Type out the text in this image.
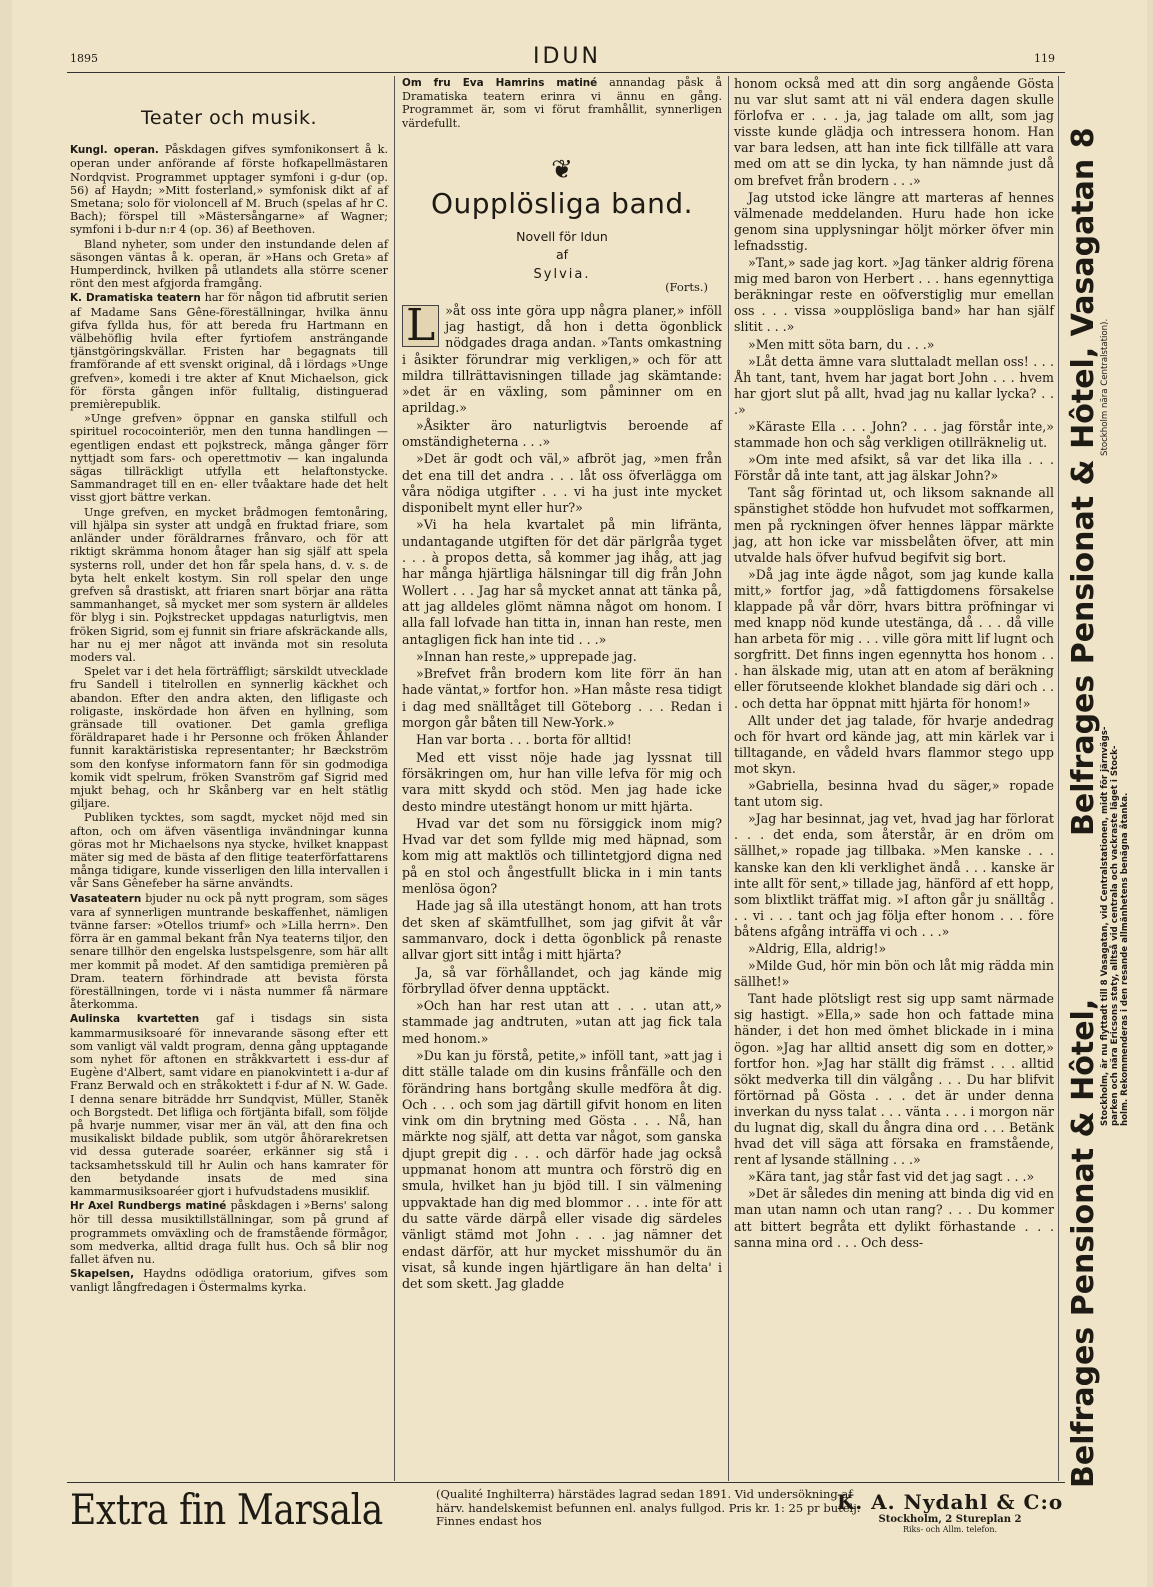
1895	IDUN	119
Teater och musik.

Kungl. operan. Påskdagen gifves symfonikonsert å k. operan under anförande af förste hofkapellmästaren Nordqvist. Programmet upptager symfoni i g-dur (op. 56) af Haydn; »Mitt fosterland,» symfonisk dikt af af Smetana; solo för violoncell af M. Bruch (spelas af hr C. Bach); förspel till »Mästersångarne» af Wagner; symfoni i b-dur n:r 4 (op. 36) af Beethoven.

Bland nyheter, som under den instundande delen af säsongen väntas å k. operan, är »Hans och Greta» af Humperdinck, hvilken på utlandets alla större scener rönt den mest afgjorda framgång.

K. Dramatiska teatern har för någon tid afbrutit serien af Madame Sans Gêne-föreställningar, hvilka ännu gifva fyllda hus, för att bereda fru Hartmann en välbehöflig hvila efter fyrtiofem ansträngande tjänstgöringskvällar. Fristen har begagnats till framförande af ett svenskt original, då i lördags »Unge grefven», komedi i tre akter af Knut Michaelson, gick för första gången inför fulltalig, distinguerad premièrepublik.

»Unge grefven» öppnar en ganska stilfull och spirituel rococointeriör, men den tunna handlingen — egentligen endast ett pojkstreck, många gånger förr nyttjadt som fars- och operettmotiv — kan ingalunda sägas tillräckligt utfylla ett helaftonstycke. Sammandraget till en en- eller tvåaktare hade det helt visst gjort bättre verkan.

Unge grefven, en mycket brådmogen femtonåring, vill hjälpa sin syster att undgå en fruktad friare, som anländer under föräldrarnes frånvaro, och för att riktigt skrämma honom åtager han sig själf att spela systerns roll, under det hon får spela hans, d. v. s. de byta helt enkelt kostym. Sin roll spelar den unge grefven så drastiskt, att friaren snart börjar ana rätta sammanhanget, så mycket mer som systern är alldeles för blyg i sin. Pojkstrecket uppdagas naturligtvis, men fröken Sigrid, som ej funnit sin friare afskräckande alls, har nu ej mer något att invända mot sin resoluta moders val.

Spelet var i det hela förträffligt; särskildt utvecklade fru Sandell i titelrollen en synnerlig käckhet och abandon. Efter den andra akten, den lifligaste och roligaste, inskördade hon äfven en hyllning, som gränsade till ovationer. Det gamla grefliga föräldraparet hade i hr Personne och fröken Åhlander funnit karaktäristiska representanter; hr Bæckström som den konfyse informatorn fann för sin godmodiga komik vidt spelrum, fröken Svanström gaf Sigrid med mjukt behag, och hr Skånberg var en helt stätlig giljare.

Publiken tycktes, som sagdt, mycket nöjd med sin afton, och om äfven väsentliga invändningar kunna göras mot hr Michaelsons nya stycke, hvilket knappast mäter sig med de bästa af den flitige teaterförfattarens många tidigare, kunde visserligen den lilla intervallen i vår Sans Gênefeber ha särne användts.

Vasateatern bjuder nu ock på nytt program, som säges vara af synnerligen muntrande beskaffenhet, nämligen tvänne farser: »Otellos triumf» och »Lilla herrn». Den förra är en gammal bekant från Nya teaterns tiljor, den senare tillhör den engelska lustspelsgenre, som här allt mer kommit på modet. Af den samtidiga premièren på Dram. teatern förhindrade att bevista första föreställningen, torde vi i nästa nummer få närmare återkomma.

Aulinska kvartetten gaf i tisdags sin sista kammarmusiksoaré för innevarande säsong efter ett som vanligt väl valdt program, denna gång upptagande som nyhet för aftonen en stråkkvartett i ess-dur af Eugène d'Albert, samt vidare en pianokvintett i a-dur af Franz Berwald och en stråkoktett i f-dur af N. W. Gade. I denna senare biträdde hrr Sundqvist, Müller, Staněk och Borgstedt. Det lifliga och förtjänta bifall, som följde på hvarje nummer, visar mer än väl, att den fina och musikaliskt bildade publik, som utgör åhörarekretsen vid dessa guterade soaréer, erkänner sig stå i tacksamhetsskuld till hr Aulin och hans kamrater för den betydande insats de med sina kammarmusiksoaréer gjort i hufvudstadens musiklif.

Hr Axel Rundbergs matiné påskdagen i »Berns' salong hör till dessa musiktillställningar, som på grund af programmets omväxling och de framstående förmågor, som medverka, alltid draga fullt hus. Och så blir nog fallet äfven nu.

Skapelsen, Haydns odödliga oratorium, gifves som vanligt långfredagen i Östermalms kyrka.

Om fru Eva Hamrins matiné annandag påsk å Dramatiska teatern erinra vi ännu en gång. Programmet är, som vi förut framhållit, synnerligen värdefullt.

❦
Oupplösliga band.
Novell för Idun
af
Sylvia.
(Forts.)

L »åt oss inte göra upp några planer,» inföll jag hastigt, då hon i detta ögonblick nödgades draga andan. »Tants omkastning i åsikter förundrar mig verkligen,» och för att mildra tillrättavisningen tillade jag skämtande: »det är en växling, som påminner om en aprildag.»

»Åsikter äro naturligtvis beroende af omständigheterna . . .»

»Det är godt och väl,» afbröt jag, »men från det ena till det andra . . . låt oss öfverlägga om våra nödiga utgifter . . . vi ha just inte mycket disponibelt mynt eller hur?»

»Vi ha hela kvartalet på min lifränta, undantagande utgiften för det där pärlgråa tyget . . . à propos detta, så kommer jag ihåg, att jag har många hjärtliga hälsningar till dig från John Wollert . . . Jag har så mycket annat att tänka på, att jag alldeles glömt nämna något om honom. I alla fall lofvade han titta in, innan han reste, men antagligen fick han inte tid . . .»

»Innan han reste,» upprepade jag.

»Brefvet från brodern kom lite förr än han hade väntat,» fortfor hon. »Han måste resa tidigt i dag med snälltåget till Göteborg . . . Redan i morgon går båten till New-York.»

Han var borta . . . borta för alltid!

Med ett visst nöje hade jag lyssnat till försäkringen om, hur han ville lefva för mig och vara mitt skydd och stöd. Men jag hade icke desto mindre utestängt honom ur mitt hjärta.

Hvad var det som nu försiggick inom mig? Hvad var det som fyllde mig med häpnad, som kom mig att maktlös och tillintetgjord digna ned på en stol och ångestfullt blicka in i min tants menlösa ögon?

Hade jag så illa utestängt honom, att han trots det sken af skämtfullhet, som jag gifvit åt vår sammanvaro, dock i detta ögonblick på renaste allvar gjort sitt intåg i mitt hjärta?

Ja, så var förhållandet, och jag kände mig förbryllad öfver denna upptäckt.

»Och han har rest utan att . . . utan att,» stammade jag andtruten, »utan att jag fick tala med honom.»

»Du kan ju förstå, petite,» inföll tant, »att jag i ditt ställe talade om din kusins frånfälle och den förändring hans bortgång skulle medföra åt dig. Och . . . och som jag därtill gifvit honom en liten vink om din brytning med Gösta . . . Nå, han märkte nog själf, att detta var något, som ganska djupt grepit dig . . . och därför hade jag också uppmanat honom att muntra och förströ dig en smula, hvilket han ju bjöd till. I sin välmening uppvaktade han dig med blommor . . . inte för att du satte värde därpå eller visade dig särdeles vänligt stämd mot John . . . jag nämner det endast därför, att hur mycket misshumör du än visat, så kunde ingen hjärtligare än han delta' i det som skett. Jag gladde

honom också med att din sorg angående Gösta nu var slut samt att ni väl endera dagen skulle förlofva er . . . ja, jag talade om allt, som jag visste kunde glädja och intressera honom. Han var bara ledsen, att han inte fick tillfälle att vara med om att se din lycka, ty han nämnde just då om brefvet från brodern . . .»

Jag utstod icke längre att marteras af hennes välmenade meddelanden. Huru hade hon icke genom sina upplysningar höljt mörker öfver min lefnadsstig.

»Tant,» sade jag kort. »Jag tänker aldrig förena mig med baron von Herbert . . . hans egennyttiga beräkningar reste en oöfverstiglig mur emellan oss . . . vissa »oupplösliga band» har han själf slitit . . .»

»Men mitt söta barn, du . . .»

»Låt detta ämne vara sluttaladt mellan oss! . . . Åh tant, tant, hvem har jagat bort John . . . hvem har gjort slut på allt, hvad jag nu kallar lycka? . . .»

»Käraste Ella . . . John? . . . jag förstår inte,» stammade hon och såg verkligen otillräknelig ut.

»Om inte med afsikt, så var det lika illa . . . Förstår då inte tant, att jag älskar John?»

Tant såg förintad ut, och liksom saknande all spänstighet stödde hon hufvudet mot soffkarmen, men på ryckningen öfver hennes läppar märkte jag, att hon icke var missbelåten öfver, att min utvalde hals öfver hufvud begifvit sig bort.

»Då jag inte ägde något, som jag kunde kalla mitt,» fortfor jag, »då fattigdomens försakelse klappade på vår dörr, hvars bittra pröfningar vi med knapp nöd kunde utestänga, då . . . då ville han arbeta för mig . . . ville göra mitt lif lugnt och sorgfritt. Det finns ingen egennytta hos honom . . . han älskade mig, utan att en atom af beräkning eller förutseende klokhet blandade sig däri och . . . och detta har öppnat mitt hjärta för honom!»

Allt under det jag talade, för hvarje andedrag och för hvart ord kände jag, att min kärlek var i tilltagande, en vådeld hvars flammor stego upp mot skyn.

»Gabriella, besinna hvad du säger,» ropade tant utom sig.

»Jag har besinnat, jag vet, hvad jag har förlorat . . . det enda, som återstår, är en dröm om sällhet,» ropade jag tillbaka. »Men kanske . . . kanske kan den kli verklighet ändå . . . kanske är inte allt för sent,» tillade jag, hänförd af ett hopp, som blixtlikt träffat mig. »I afton går ju snälltåg . . . vi . . . tant och jag följa efter honom . . . före båtens afgång inträffa vi och . . .»

»Aldrig, Ella, aldrig!»

»Milde Gud, hör min bön och låt mig rädda min sällhet!»

Tant hade plötsligt rest sig upp samt närmade sig hastigt. »Ella,» sade hon och fattade mina händer, i det hon med ömhet blickade in i mina ögon. »Jag har alltid ansett dig som en dotter,» fortfor hon. »Jag har ställt dig främst . . . alltid sökt medverka till din välgång . . . Du har blifvit förtörnad på Gösta . . . det är under denna inverkan du nyss talat . . . vänta . . . i morgon när du lugnat dig, skall du ångra dina ord . . . Betänk hvad det vill säga att försaka en framstående, rent af lysande ställning . . .»

»Kära tant, jag står fast vid det jag sagt . . .»

»Det är således din mening att binda dig vid en man utan namn och utan rang? . . . Du kommer att bittert begråta ett dylikt förhastande . . . sanna mina ord . . . Och dess-

Belfrages Pensionat & Hôtel, Vasagatan 8 Stockholm nära Centralstation).
Belfrages Pensionat & Hôtel,
Stockholm, är nu flyttadt till 8 Vasagatan, vid Centralstationen, midt för järnvägs- parken och nära Ericsons staty, alltså vid centrala och vackraste läget i Stock- holm. Rekommenderas i den resande allmänhetens benägna åtanka.
Extra fin Marsala	(Qualité Inghilterra) härstädes lagrad sedan 1891. Vid undersökning af härv. handelskemist befunnen enl. analys fullgod. Pris kr. 1: 25 pr butelj. Finnes endast hos
K. A. Nydahl & C:o
Stockholm, 2 Stureplan 2
Riks- och Allm. telefon.
